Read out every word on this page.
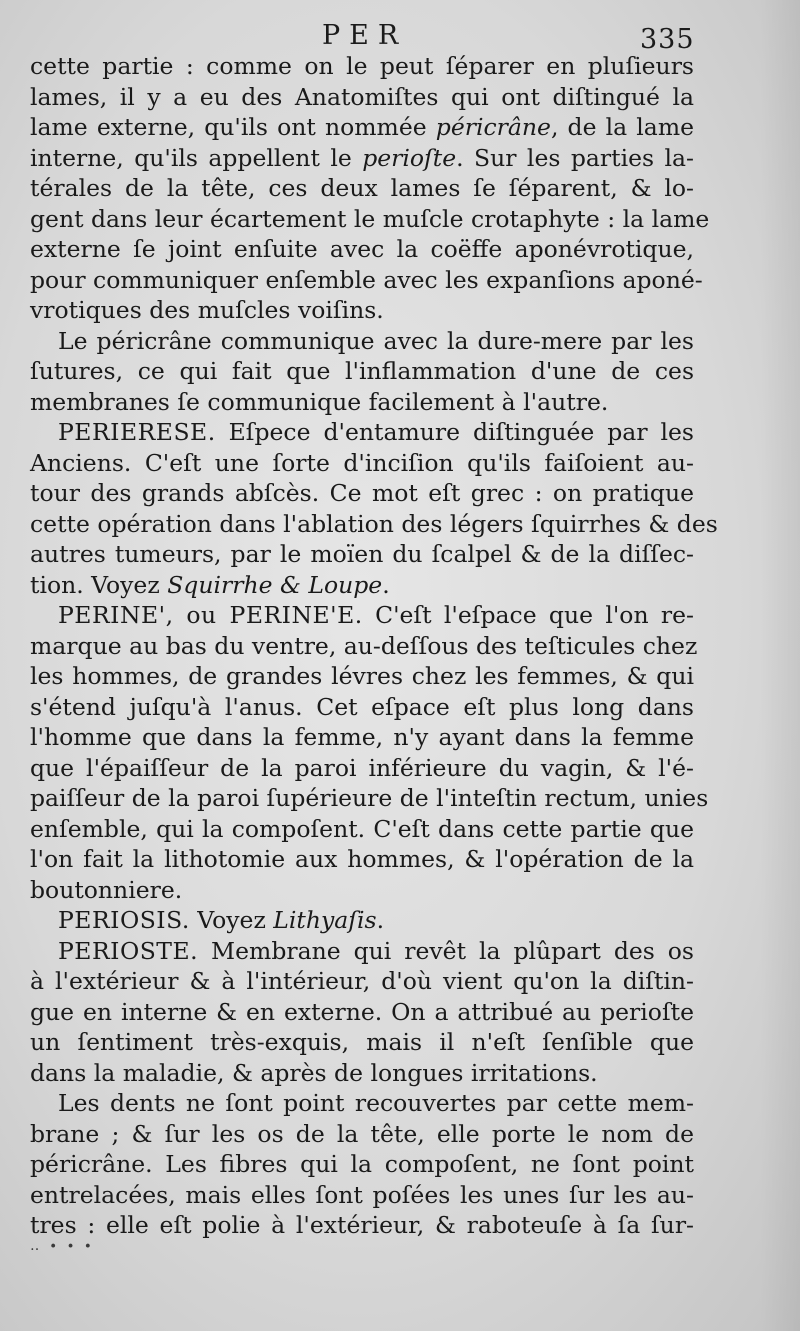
PER	335
cette partie : comme on le peut ſéparer en pluſieurs
lames, il y a eu des Anatomiſtes qui ont diſtingué la
lame externe, qu'ils ont nommée péricrâne, de la lame
interne, qu'ils appellent le perioſte. Sur les parties la-
térales de la tête, ces deux lames ſe ſéparent, & lo-
gent dans leur écartement le muſcle crotaphyte : la lame
externe ſe joint enſuite avec la coëffe aponévrotique,
pour communiquer enſemble avec les expanſions aponé-
vrotiques des muſcles voiſins.
Le péricrâne communique avec la dure-mere par les
ſutures, ce qui fait que l'inflammation d'une de ces
membranes ſe communique facilement à l'autre.
PERIERESE. Eſpece d'entamure diſtinguée par les
Anciens. C'eſt une ſorte d'inciſion qu'ils faiſoient au-
tour des grands abſcès. Ce mot eſt grec : on pratique
cette opération dans l'ablation des légers ſquirrhes & des
autres tumeurs, par le moïen du ſcalpel & de la diſſec-
tion. Voyez Squirrhe & Loupe.
PERINE', ou PERINE'E. C'eſt l'eſpace que l'on re-
marque au bas du ventre, au-deſſous des teſticules chez
les hommes, de grandes lévres chez les femmes, & qui
s'étend juſqu'à l'anus. Cet eſpace eſt plus long dans
l'homme que dans la femme, n'y ayant dans la femme
que l'épaiſſeur de la paroi inférieure du vagin, & l'é-
paiſſeur de la paroi ſupérieure de l'inteſtin rectum, unies
enſemble, qui la compoſent. C'eſt dans cette partie que
l'on fait la lithotomie aux hommes, & l'opération de la
boutonniere.
PERIOSIS. Voyez Lithyaſis.
PERIOSTE. Membrane qui revêt la plûpart des os
à l'extérieur & à l'intérieur, d'où vient qu'on la diſtin-
gue en interne & en externe. On a attribué au perioſte
un ſentiment très-exquis, mais il n'eſt ſenſible que
dans la maladie, & après de longues irritations.
Les dents ne ſont point recouvertes par cette mem-
brane ; & ſur les os de la tête, elle porte le nom de
péricrâne. Les fibres qui la compoſent, ne ſont point
entrelacées, mais elles ſont poſées les unes ſur les au-
tres : elle eſt polie à l'extérieur, & raboteuſe à ſa ſur-
‥ ∙ ∙ ∙
